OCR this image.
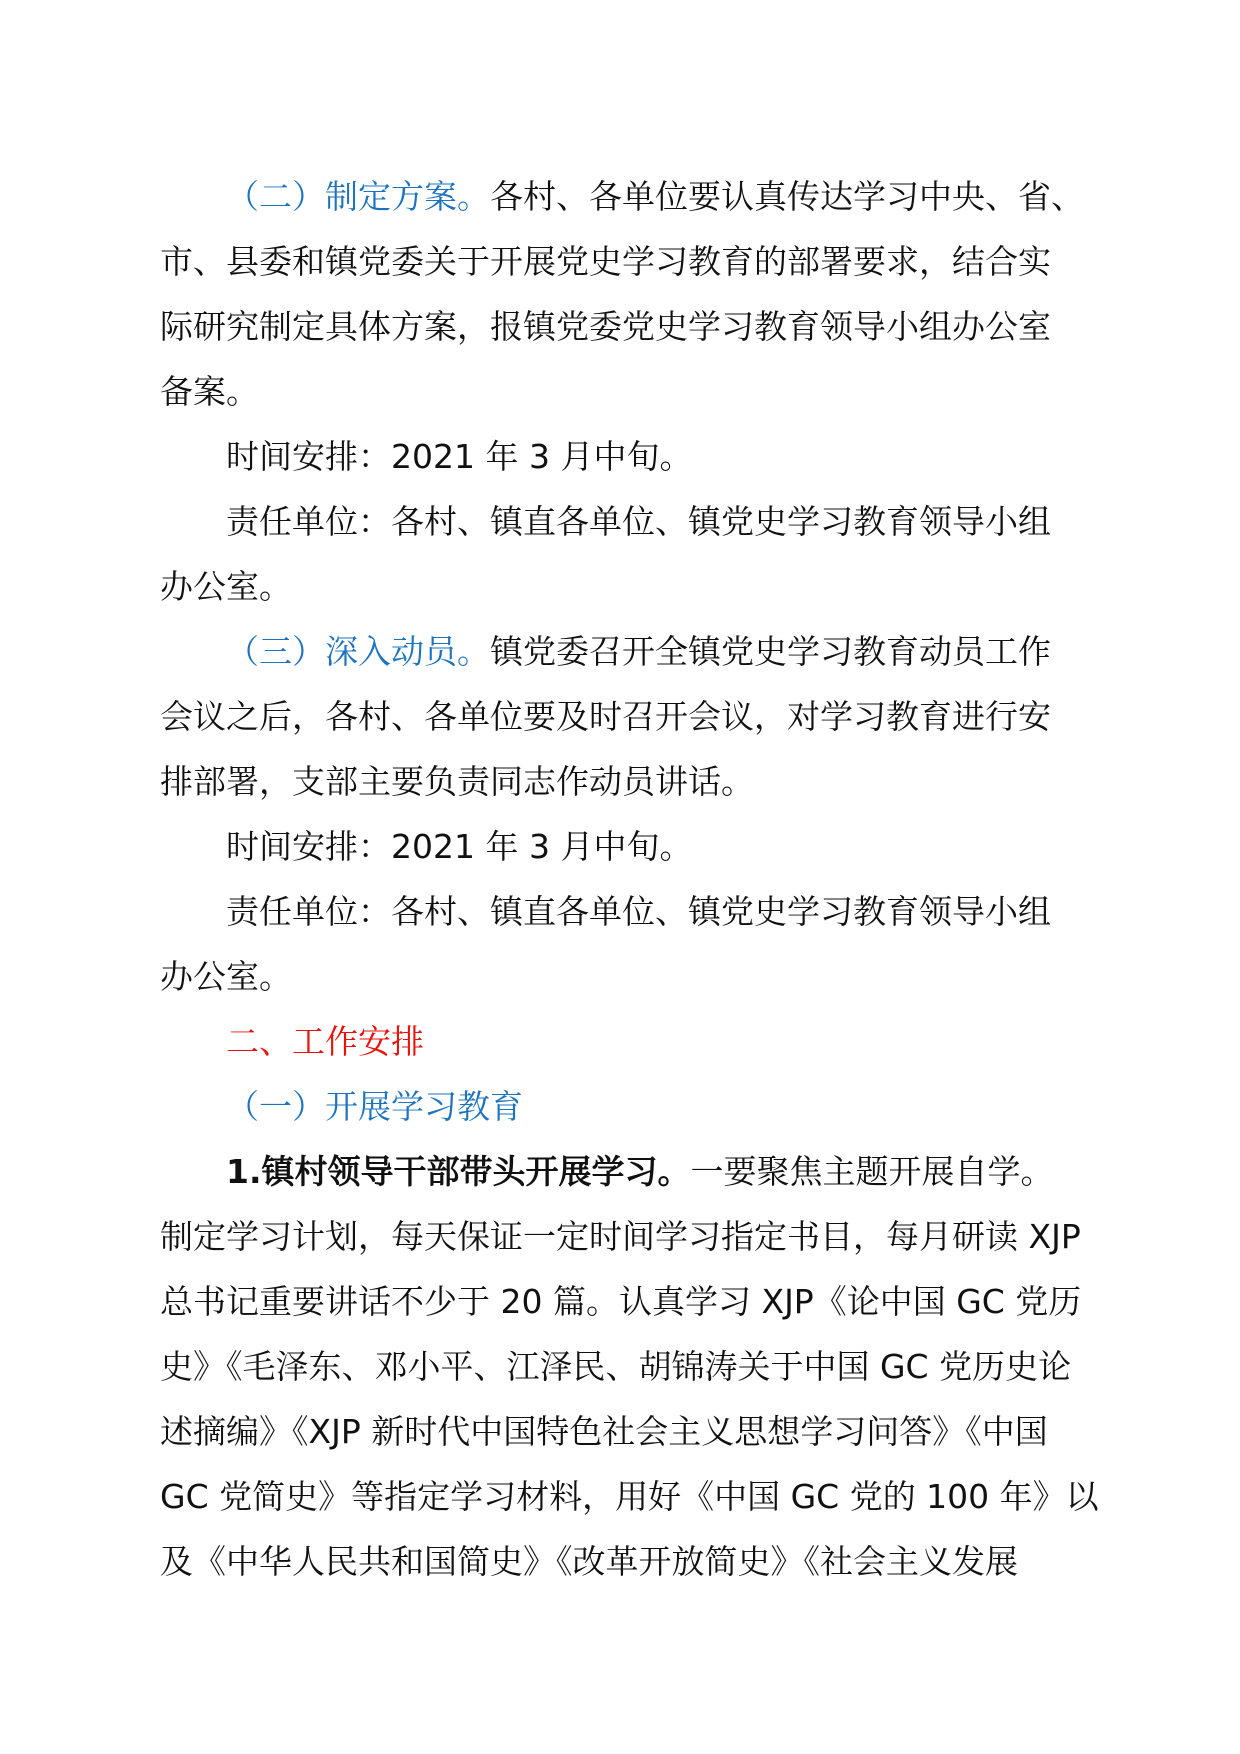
（二）制定方案。各村、各单位要认真传达学习中央、省、
市、县委和镇党委关于开展党史学习教育的部署要求，结合实
际研究制定具体方案，报镇党委党史学习教育领导小组办公室
备案。
时间安排：2021 年 3 月中旬。
责任单位：各村、镇直各单位、镇党史学习教育领导小组
办公室。
（三）深入动员。镇党委召开全镇党史学习教育动员工作
会议之后，各村、各单位要及时召开会议，对学习教育进行安
排部署，支部主要负责同志作动员讲话。
时间安排：2021 年 3 月中旬。
责任单位：各村、镇直各单位、镇党史学习教育领导小组
办公室。
二、工作安排
（一）开展学习教育
1.镇村领导干部带头开展学习。一要聚焦主题开展自学。
制定学习计划，每天保证一定时间学习指定书目，每月研读 XJP
总书记重要讲话不少于 20 篇。认真学习 XJP《论中国 GC 党历
史》《毛泽东、邓小平、江泽民、胡锦涛关于中国 GC 党历史论
述摘编》《XJP 新时代中国特色社会主义思想学习问答》《中国
GC 党简史》等指定学习材料，用好《中国 GC 党的 100 年》以
及《中华人民共和国简史》《改革开放简史》《社会主义发展
